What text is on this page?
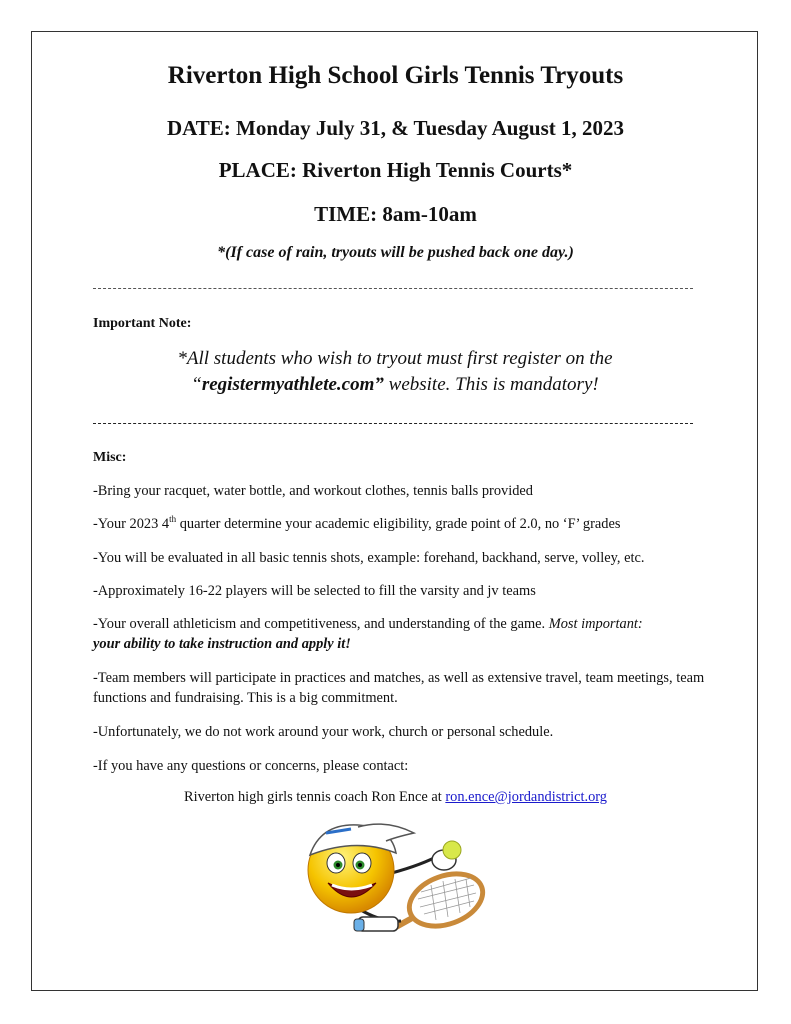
Riverton High School Girls Tennis Tryouts
DATE: Monday July 31, & Tuesday August 1, 2023
PLACE: Riverton High Tennis Courts*
TIME: 8am-10am
*(If case of rain, tryouts will be pushed back one day.)
Important Note:
*All students who wish to tryout must first register on the
“registermyathlete.com” website. This is mandatory!
Misc:
-Bring your racquet, water bottle, and workout clothes, tennis balls provided
-Your 2023 4th quarter determine your academic eligibility, grade point of 2.0, no ‘F’ grades
-You will be evaluated in all basic tennis shots, example: forehand, backhand, serve, volley, etc.
-Approximately 16-22 players will be selected to fill the varsity and jv teams
-Your overall athleticism and competitiveness, and understanding of the game. Most important:
your ability to take instruction and apply it!
-Team members will participate in practices and matches, as well as extensive travel, team meetings, team functions and fundraising. This is a big commitment.
-Unfortunately, we do not work around your work, church or personal schedule.
-If you have any questions or concerns, please contact:
Riverton high girls tennis coach Ron Ence at ron.ence@jordandistrict.org
